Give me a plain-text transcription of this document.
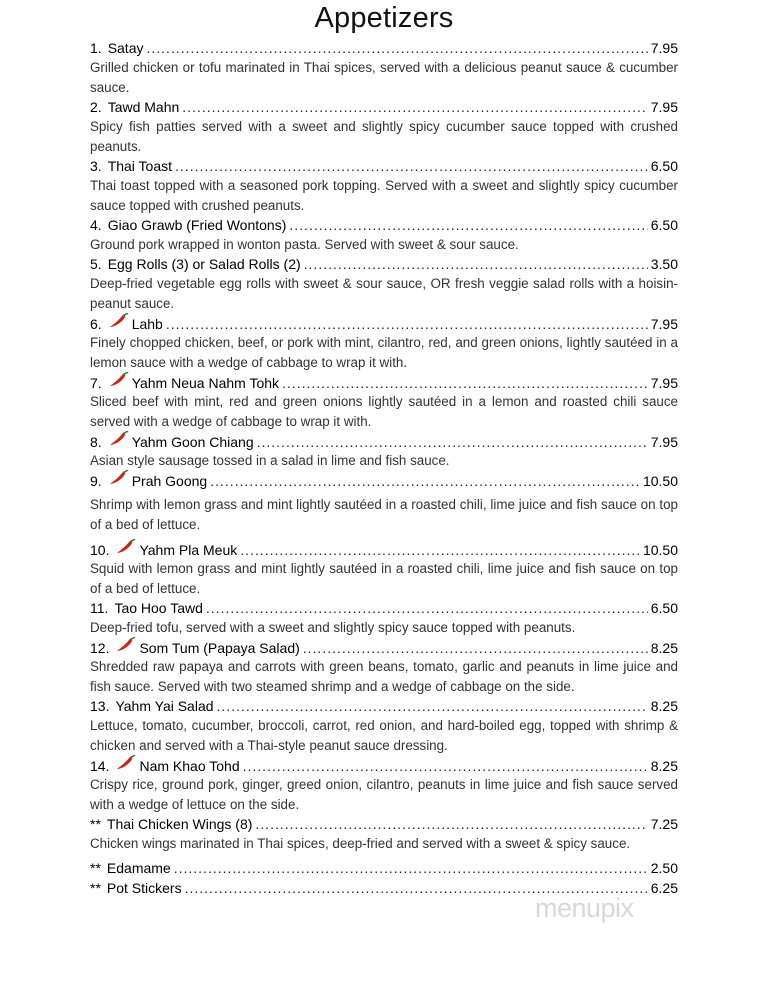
Appetizers
1. Satay .....	7.95
Grilled chicken or tofu marinated in Thai spices, served with a delicious peanut sauce & cucumber sauce.
2. Tawd Mahn .....	7.95
Spicy fish patties served with a sweet and slightly spicy cucumber sauce topped with crushed peanuts.
3. Thai Toast .....	6.50
Thai toast topped with a seasoned pork topping. Served with a sweet and slightly spicy cucumber sauce topped with crushed peanuts.
4. Giao Grawb (Fried Wontons) .....	6.50
Ground pork wrapped in wonton pasta. Served with sweet & sour sauce.
5. Egg Rolls (3) or Salad Rolls (2) .....	3.50
Deep-fried vegetable egg rolls with sweet & sour sauce, OR fresh veggie salad rolls with a hoisin-peanut sauce.
6. Lahb .....	7.95
Finely chopped chicken, beef, or pork with mint, cilantro, red, and green onions, lightly sautéed in a lemon sauce with a wedge of cabbage to wrap it with.
7. Yahm Neua Nahm Tohk .....	7.95
Sliced beef with mint, red and green onions lightly sautéed in a lemon and roasted chili sauce served with a wedge of cabbage to wrap it with.
8. Yahm Goon Chiang .....	7.95
Asian style sausage tossed in a salad in lime and fish sauce.
9. Prah Goong .....	10.50
Shrimp with lemon grass and mint lightly sautéed in a roasted chili, lime juice and fish sauce on top of a bed of lettuce.
10. Yahm Pla Meuk .....	10.50
Squid with lemon grass and mint lightly sautéed in a roasted chili, lime juice and fish sauce on top of a bed of lettuce.
11. Tao Hoo Tawd .....	6.50
Deep-fried tofu, served with a sweet and slightly spicy sauce topped with peanuts.
12. Som Tum (Papaya Salad) .....	8.25
Shredded raw papaya and carrots with green beans, tomato, garlic and peanuts in lime juice and fish sauce. Served with two steamed shrimp and a wedge of cabbage on the side.
13. Yahm Yai Salad .....	8.25
Lettuce, tomato, cucumber, broccoli, carrot, red onion, and hard-boiled egg, topped with shrimp & chicken and served with a Thai-style peanut sauce dressing.
14. Nam Khao Tohd .....	8.25
Crispy rice, ground pork, ginger, greed onion, cilantro, peanuts in lime juice and fish sauce served with a wedge of lettuce on the side.
** Thai Chicken Wings (8) .....	7.25
Chicken wings marinated in Thai spices, deep-fried and served with a sweet & spicy sauce.
** Edamame .....	2.50
** Pot Stickers .....	6.25
menupix
